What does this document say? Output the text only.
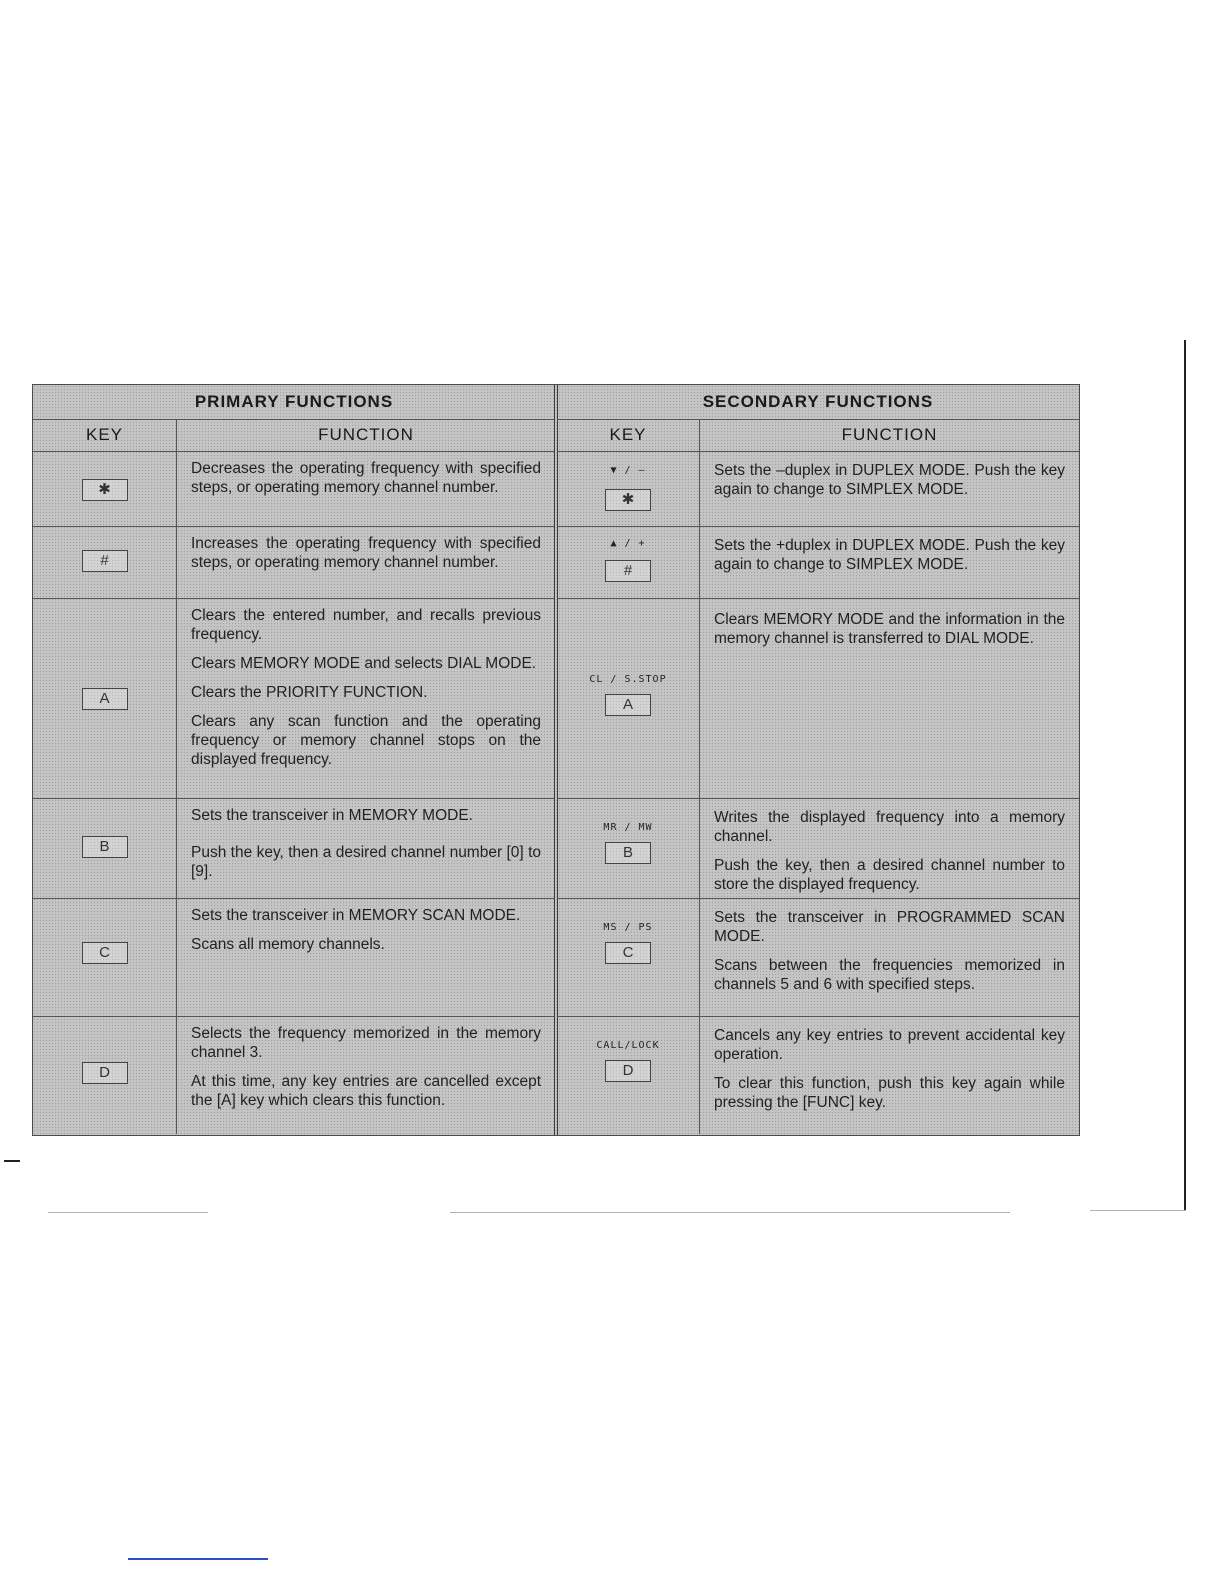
PRIMARY FUNCTIONS
KEY	FUNCTION
✱

Decreases the operating frequency with specified steps, or operating memory channel number.

#

Increases the operating frequency with specified steps, or operating memory channel number.

A

Clears the entered number, and recalls previous frequency.

Clears MEMORY MODE and selects DIAL MODE.

Clears the PRIORITY FUNCTION.

Clears any scan function and the operating frequency or memory channel stops on the displayed frequency.

B

Sets the transceiver in MEMORY MODE.

Push the key, then a desired channel number [0] to [9].

C

Sets the transceiver in MEMORY SCAN MODE.

Scans all memory channels.

D

Selects the frequency memorized in the memory channel 3.

At this time, any key entries are cancelled except the [A] key which clears this function.

SECONDARY FUNCTIONS
KEY	FUNCTION
▼ / –
✱

Sets the –duplex in DUPLEX MODE. Push the key again to change to SIMPLEX MODE.

▲ / +
#

Sets the +duplex in DUPLEX MODE. Push the key again to change to SIMPLEX MODE.

CL / S.STOP
A

Clears MEMORY MODE and the information in the memory channel is transferred to DIAL MODE.

MR / MW
B

Writes the displayed frequency into a memory channel.

Push the key, then a desired channel number to store the displayed frequency.

MS / PS
C

Sets the transceiver in PROGRAMMED SCAN MODE.

Scans between the frequencies memorized in channels 5 and 6 with specified steps.

CALL/LOCK
D

Cancels any key entries to prevent accidental key operation.

To clear this function, push this key again while pressing the [FUNC] key.
